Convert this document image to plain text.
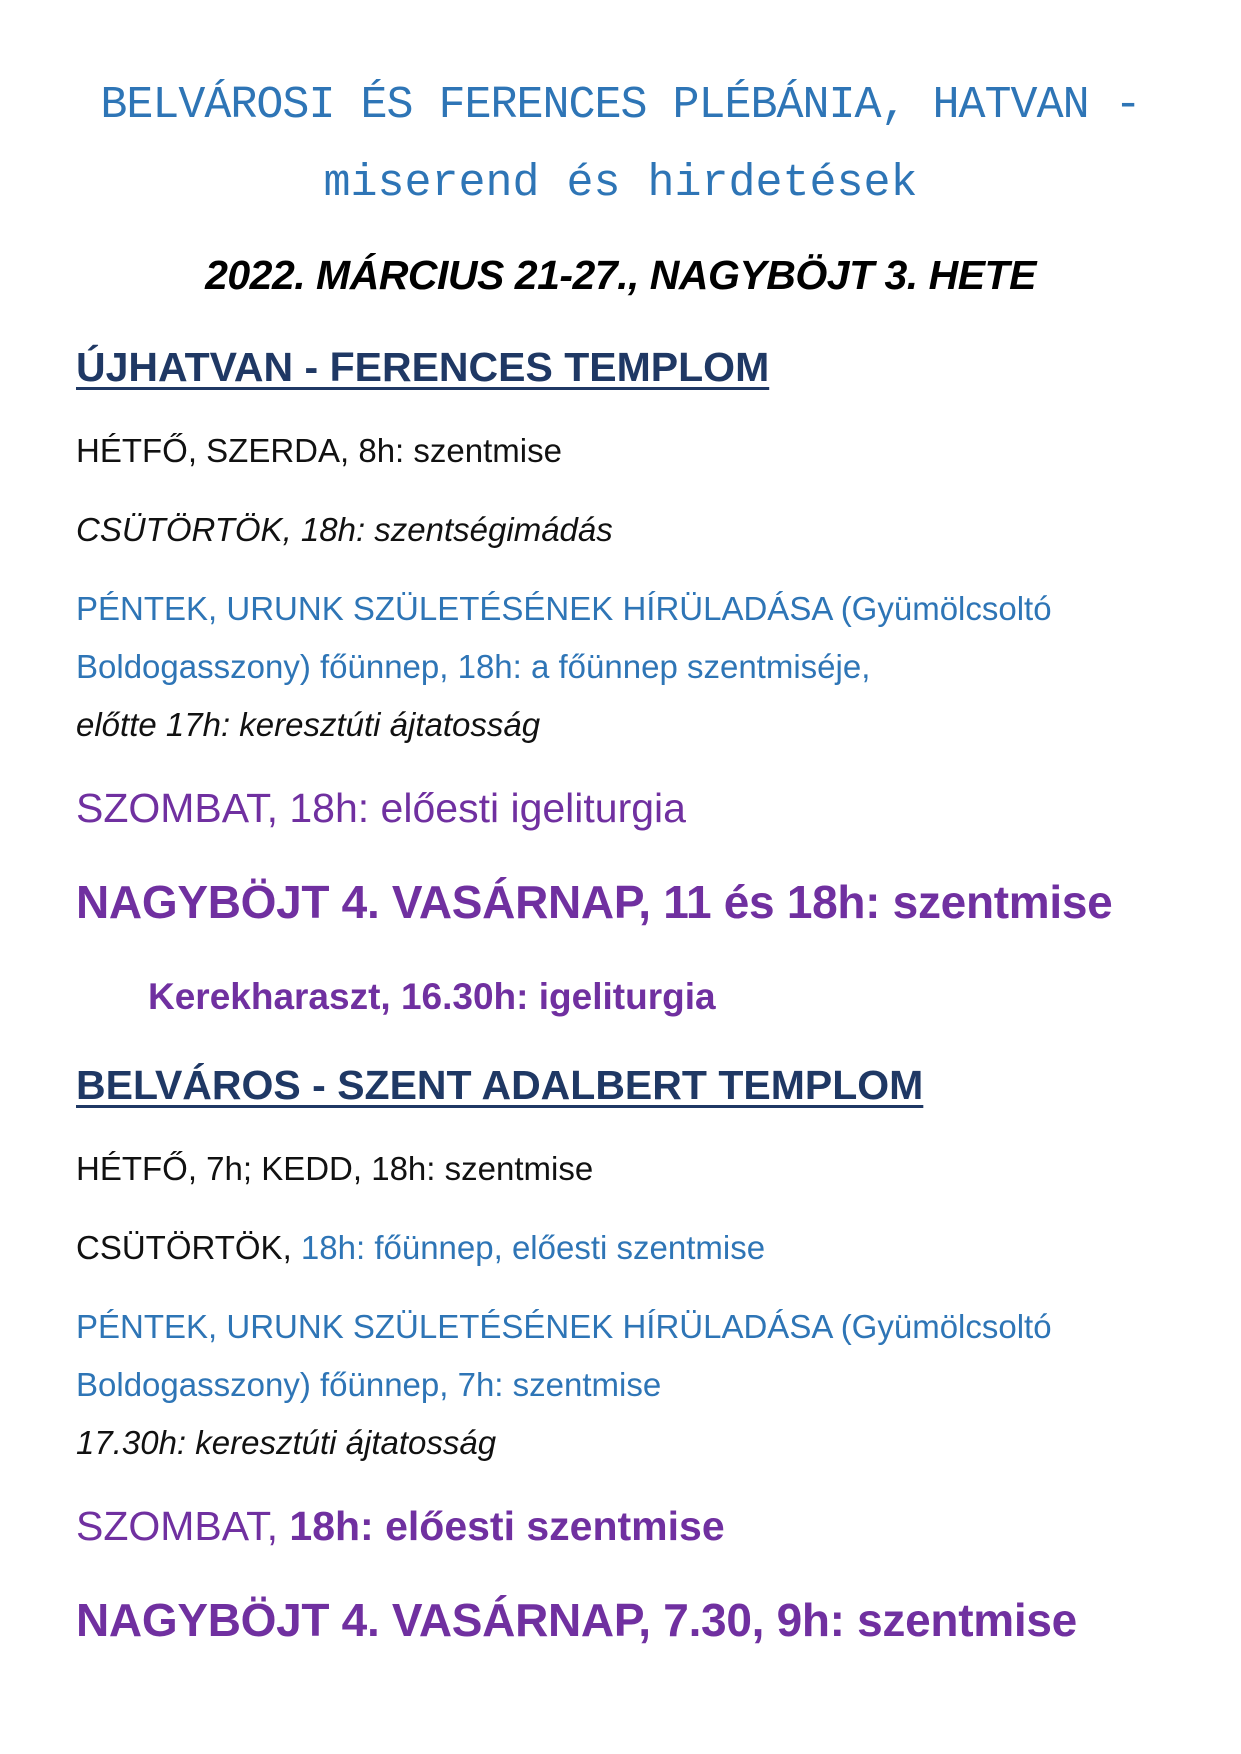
BELVÁROSI ÉS FERENCES PLÉBÁNIA, HATVAN -
miserend és hirdetések
2022. MÁRCIUS 21-27., NAGYBÖJT 3. HETE
ÚJHATVAN - FERENCES TEMPLOM
HÉTFŐ, SZERDA, 8h: szentmise
CSÜTÖRTÖK, 18h: szentségimádás
PÉNTEK, URUNK SZÜLETÉSÉNEK HÍRÜLADÁSA (Gyümölcsoltó
Boldogasszony) főünnep, 18h: a főünnep szentmiséje,
előtte 17h: keresztúti ájtatosság
SZOMBAT, 18h: előesti igeliturgia
NAGYBÖJT 4. VASÁRNAP, 11 és 18h: szentmise
Kerekharaszt, 16.30h: igeliturgia
BELVÁROS - SZENT ADALBERT TEMPLOM
HÉTFŐ, 7h; KEDD, 18h: szentmise
CSÜTÖRTÖK, 18h: főünnep, előesti szentmise
PÉNTEK, URUNK SZÜLETÉSÉNEK HÍRÜLADÁSA (Gyümölcsoltó
Boldogasszony) főünnep, 7h: szentmise
17.30h: keresztúti ájtatosság
SZOMBAT, 18h: előesti szentmise
NAGYBÖJT 4. VASÁRNAP, 7.30, 9h: szentmise
